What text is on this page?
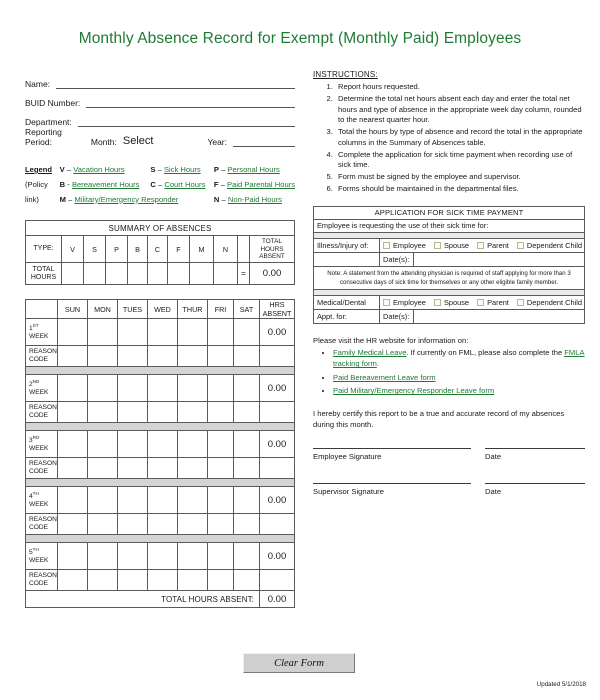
Monthly Absence Record for Exempt (Monthly Paid) Employees
Name:
BUID Number:
Department:
Reporting Period:	Month: Select	Year:
Legend	V – Vacation Hours	S – Sick Hours	P – Personal Hours
(Policy	B - Bereavement Hours	C – Court Hours	F – Paid Parental Hours
link)	M – Military/Emergency Responder		N – Non-Paid Hours
SUMMARY OF ABSENCES										
TYPE:	V	S	P	B	C	F	M	N		TOTAL HOURS
ABSENT
TOTAL
HOURS									=	0.00
	SUN	MON	TUES	WED	THUR	FRI	SAT	HRS ABSENT
1ST
WEEK								0.00
REASON
CODE								

2ND
WEEK								0.00
REASON
CODE								

3RD
WEEK								0.00
REASON
CODE								

4TH
WEEK								0.00
REASON
CODE								

5TH
WEEK								0.00
REASON
CODE								
TOTAL HOURS ABSENT:								0.00
INSTRUCTIONS:
1. Report hours requested.
2. Determine the total net hours absent each day and enter the total net hours and type of absence in the appropriate week day column, rounded to the nearest quarter hour.
3. Total the hours by type of absence and record the total in the appropriate columns in the Summary of Absences table.
4. Complete the application for sick time payment when recording use of sick time.
5. Form must be signed by the employee and supervisor.
6. Forms should be maintained in the departmental files.
APPLICATION FOR SICK TIME PAYMENT		
Employee is requesting the use of their sick time for:		

Illness/Injury of:	Employee Spouse Parent Dependent Child	
	Date(s):	
Note: A statement from the attending physician is required of staff applying for more than 3 consecutive days of sick time for themselves or any other eligible family member.		

Medical/Dental	Employee Spouse Parent Dependent Child	
Appt. for:	Date(s):	
Please visit the HR website for information on:
• Family Medical Leave. If currently on FML, please also complete the FMLA tracking form.
• Paid Bereavement Leave form
• Paid Military/Emergency Responder Leave form
I hereby certify this report to be a true and accurate record of my absences during this month.
Employee Signature	Date
Supervisor Signature	Date
Clear Form
Updated 5/1/2018
